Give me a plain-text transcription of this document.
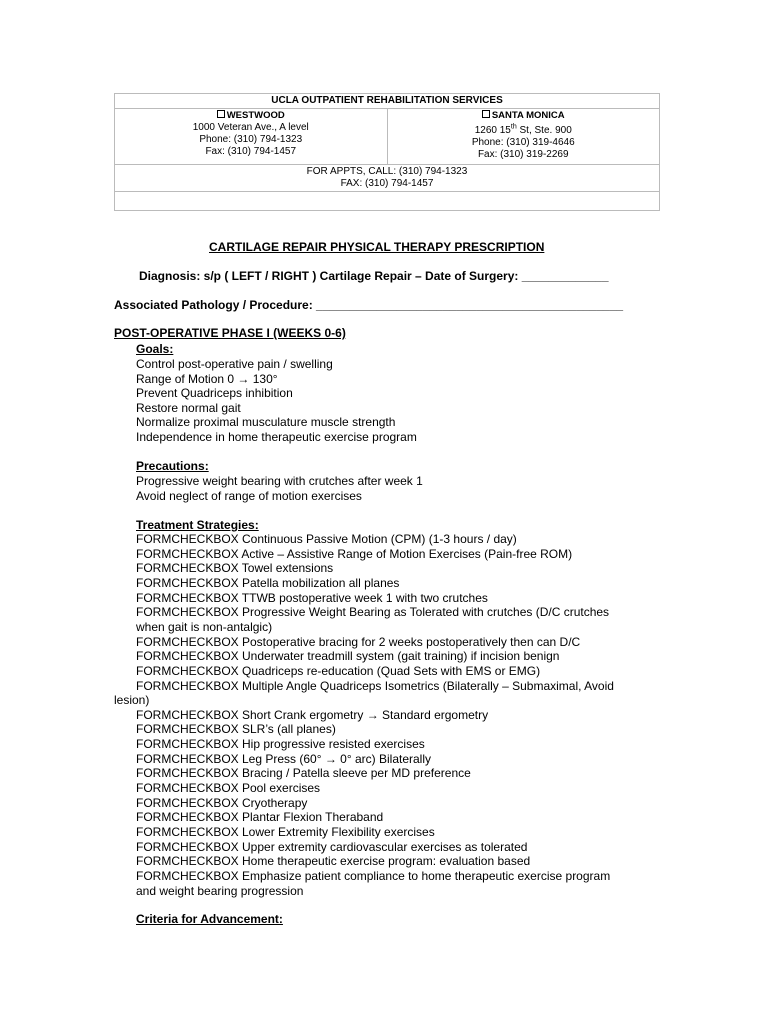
UCLA OUTPATIENT REHABILITATION SERVICES
WESTWOOD
1000 Veteran Ave., A level
Phone: (310) 794-1323
Fax: (310) 794-1457
SANTA MONICA
1260 15th St, Ste. 900
Phone: (310) 319-4646
Fax: (310) 319-2269
FOR APPTS, CALL: (310) 794-1323
FAX: (310) 794-1457
CARTILAGE REPAIR PHYSICAL THERAPY PRESCRIPTION
Diagnosis: s/p ( LEFT / RIGHT ) Cartilage Repair – Date of Surgery: _____________
Associated Pathology / Procedure: ______________________________________________
POST-OPERATIVE PHASE I (WEEKS 0-6)
Goals:
Control post-operative pain / swelling
Range of Motion 0 → 130°
Prevent Quadriceps inhibition
Restore normal gait
Normalize proximal musculature muscle strength
Independence in home therapeutic exercise program
Precautions:
Progressive weight bearing with crutches after week 1
Avoid neglect of range of motion exercises
Treatment Strategies:
FORMCHECKBOX Continuous Passive Motion (CPM) (1-3 hours / day)
FORMCHECKBOX Active – Assistive Range of Motion Exercises (Pain-free ROM)
FORMCHECKBOX Towel extensions
FORMCHECKBOX Patella mobilization all planes
FORMCHECKBOX TTWB postoperative week 1 with two crutches
FORMCHECKBOX Progressive Weight Bearing as Tolerated with crutches (D/C crutches
when gait is non-antalgic)
FORMCHECKBOX Postoperative bracing for 2 weeks postoperatively then can D/C
FORMCHECKBOX Underwater treadmill system (gait training) if incision benign
FORMCHECKBOX Quadriceps re-education (Quad Sets with EMS or EMG)
FORMCHECKBOX Multiple Angle Quadriceps Isometrics (Bilaterally – Submaximal, Avoid
lesion)
FORMCHECKBOX Short Crank ergometry → Standard ergometry
FORMCHECKBOX SLR’s (all planes)
FORMCHECKBOX Hip progressive resisted exercises
FORMCHECKBOX Leg Press (60° → 0° arc) Bilaterally
FORMCHECKBOX Bracing / Patella sleeve per MD preference
FORMCHECKBOX Pool exercises
FORMCHECKBOX Cryotherapy
FORMCHECKBOX Plantar Flexion Theraband
FORMCHECKBOX Lower Extremity Flexibility exercises
FORMCHECKBOX Upper extremity cardiovascular exercises as tolerated
FORMCHECKBOX Home therapeutic exercise program: evaluation based
FORMCHECKBOX Emphasize patient compliance to home therapeutic exercise program
and weight bearing progression
Criteria for Advancement:
